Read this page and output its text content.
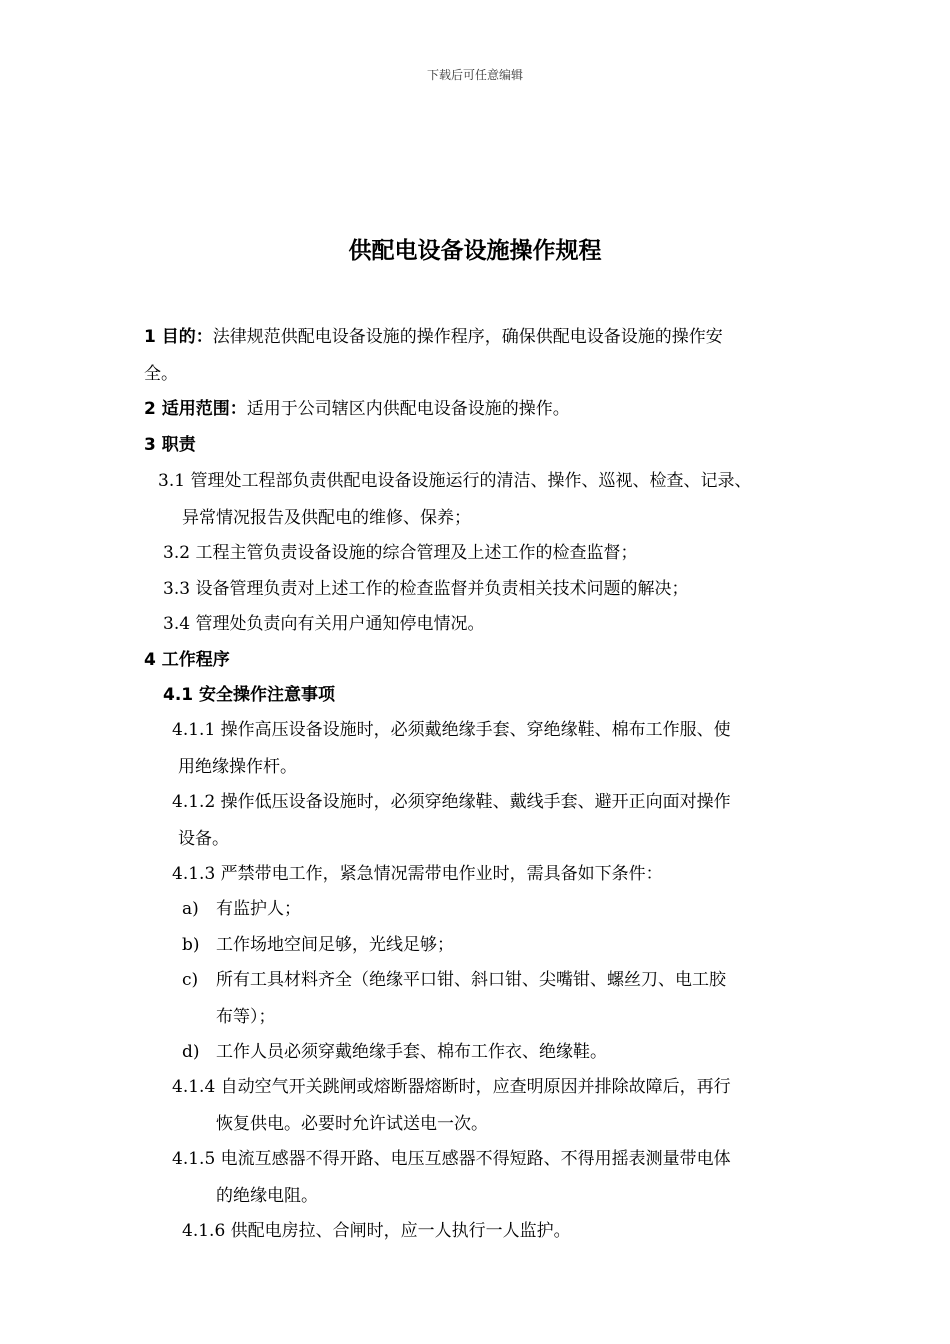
下载后可任意编辑
供配电设备设施操作规程
1 目的：法律规范供配电设备设施的操作程序，确保供配电设备设施的操作安
全。
2 适用范围：适用于公司辖区内供配电设备设施的操作。
3 职责
3.1 管理处工程部负责供配电设备设施运行的清洁、操作、巡视、检查、记录、
异常情况报告及供配电的维修、保养；
3.2 工程主管负责设备设施的综合管理及上述工作的检查监督；
3.3 设备管理负责对上述工作的检查监督并负责相关技术问题的解决；
3.4 管理处负责向有关用户通知停电情况。
4 工作程序
4.1 安全操作注意事项
4.1.1 操作高压设备设施时，必须戴绝缘手套、穿绝缘鞋、棉布工作服、使
用绝缘操作杆。
4.1.2 操作低压设备设施时，必须穿绝缘鞋、戴线手套、避开正向面对操作
设备。
4.1.3 严禁带电工作，紧急情况需带电作业时，需具备如下条件：
a) 有监护人；
b) 工作场地空间足够，光线足够；
c) 所有工具材料齐全（绝缘平口钳、斜口钳、尖嘴钳、螺丝刀、电工胶
布等）；
d) 工作人员必须穿戴绝缘手套、棉布工作衣、绝缘鞋。
4.1.4 自动空气开关跳闸或熔断器熔断时，应查明原因并排除故障后，再行
恢复供电。必要时允许试送电一次。
4.1.5 电流互感器不得开路、电压互感器不得短路、不得用摇表测量带电体
的绝缘电阻。
4.1.6 供配电房拉、合闸时，应一人执行一人监护。
